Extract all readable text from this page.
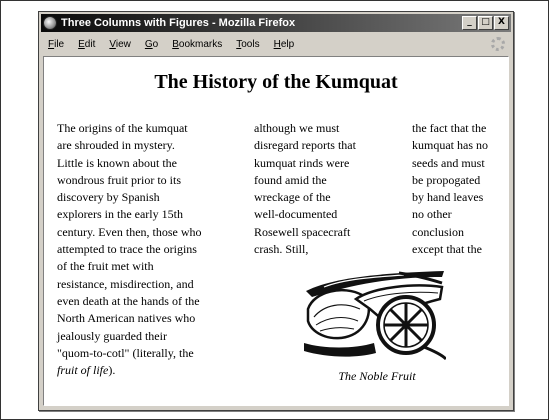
Three Columns with Figures - Mozilla Firefox	_	□ X
File	Edit	View	Go	Bookmarks	Tools	Help
The History of the Kumquat
The origins of the kumquat
are shrouded in mystery.
Little is known about the
wondrous fruit prior to its
discovery by Spanish
explorers in the early 15th
century. Even then, those who
attempted to trace the origins
of the fruit met with
resistance, misdirection, and
even death at the hands of the
North American natives who
jealously guarded their
"quom-to-cotl" (literally, the
fruit of life).
although we must
disregard reports that
kumquat rinds were
found amid the
wreckage of the
well-documented
Rosewell spacecraft
crash. Still,
the fact that the
kumquat has no
seeds and must
be propogated
by hand leaves
no other
conclusion
except that the
The Noble Fruit
